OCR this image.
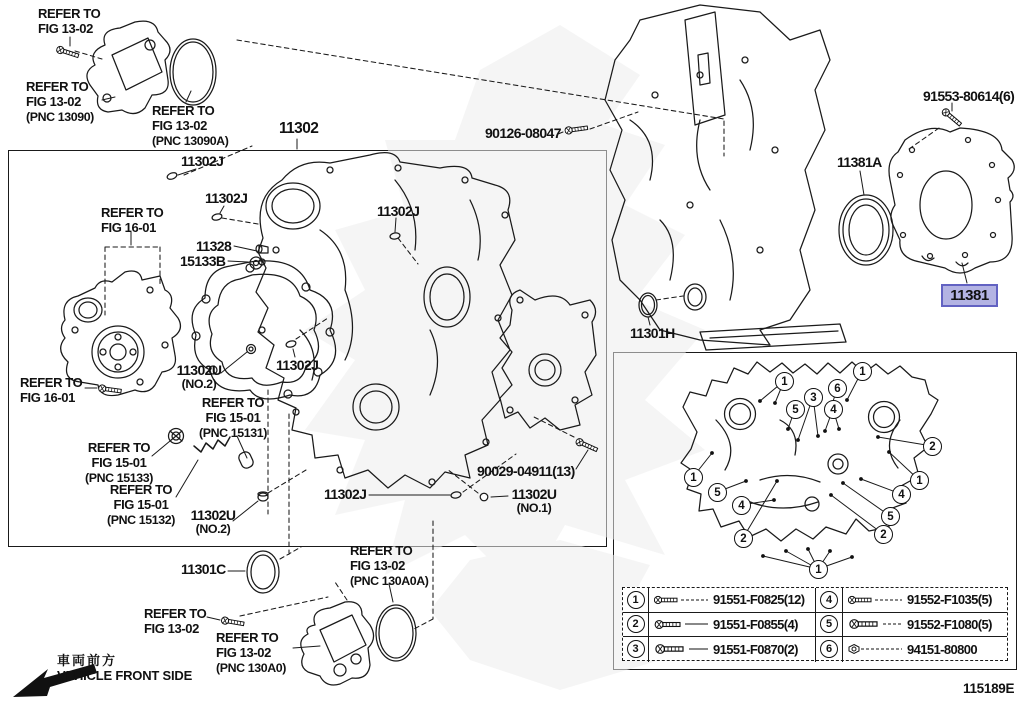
REFER TO
FIG 13-02
REFER TO
FIG 13-02
(PNC 13090)	REFER TO
FIG 13-02
(PNC 13090A)
11302	90126-08047
11302J
11302J
11302J
REFER TO
FIG 16-01
11328
15133B
11302U
(NO.2)
11302J
REFER TO
FIG 16-01	REFER TO
FIG 15-01
(PNC 15131)
REFER TO
FIG 15-01
(PNC 15133)
REFER TO
FIG 15-01
(PNC 15132)
11302J
90029-04911(13)
11302U
(NO.1)
11302U
(NO.2)
11301C
REFER TO
FIG 13-02
REFER TO
FIG 13-02
(PNC 130A0)
REFER TO
FIG 13-02
(PNC 130A0A)
11301H
91553-80614(6)
11381A
1
5
3
6
4
1
2
1
5
4
2
1
2
5
4
1
11381
車両前方
VEHICLE FRONT SIDE
115189E
1	91551-F0825(12)	4	91552-F1035(5)
2	91551-F0855(4)	5	91552-F1080(5)
3	91551-F0870(2)	6	94151-80800
